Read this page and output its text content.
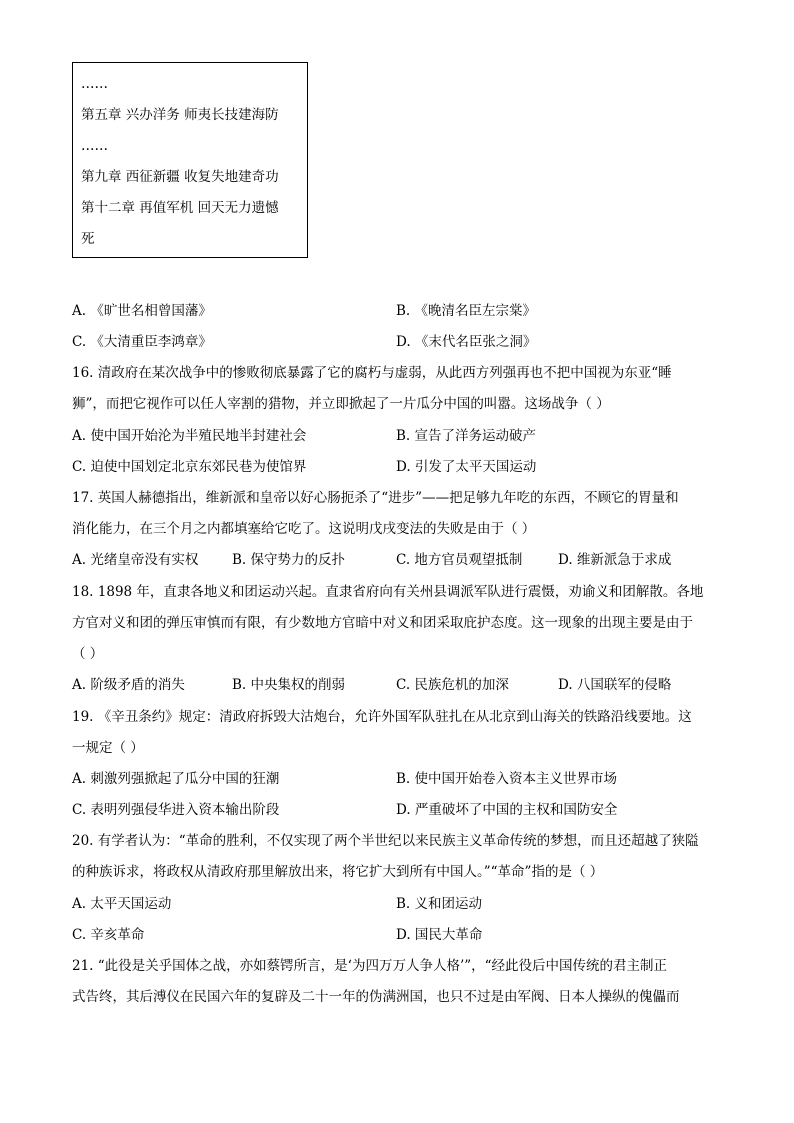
……
第五章 兴办洋务 师夷长技建海防
……
第九章 西征新疆 收复失地建奇功
第十二章 再值军机 回天无力遗憾
死
A. 《旷世名相曾国藩》	B. 《晚清名臣左宗棠》
C. 《大清重臣李鸿章》	D. 《末代名臣张之洞》
16. 清政府在某次战争中的惨败彻底暴露了它的腐朽与虚弱，从此西方列强再也不把中国视为东亚“睡
狮”，而把它视作可以任人宰割的猎物，并立即掀起了一片瓜分中国的叫嚣。这场战争（ ）
A. 使中国开始沦为半殖民地半封建社会	B. 宣告了洋务运动破产
C. 迫使中国划定北京东郊民巷为使馆界	D. 引发了太平天国运动
17. 英国人赫德指出，维新派和皇帝以好心肠扼杀了“进步”——把足够九年吃的东西，不顾它的胃量和
消化能力，在三个月之内都填塞给它吃了。这说明戊戌变法的失败是由于（ ）
A. 光绪皇帝没有实权 B. 保守势力的反扑	C. 地方官员观望抵制	D. 维新派急于求成
18. 1898 年，直隶各地义和团运动兴起。直隶省府向有关州县调派军队进行震慑，劝谕义和团解散。各地
方官对义和团的弹压审慎而有限，有少数地方官暗中对义和团采取庇护态度。这一现象的出现主要是由于
（ ）
A. 阶级矛盾的消失	B. 中央集权的削弱	C. 民族危机的加深	D. 八国联军的侵略
19. 《辛丑条约》规定：清政府拆毁大沽炮台，允许外国军队驻扎在从北京到山海关的铁路沿线要地。这
一规定（ ）
A. 刺激列强掀起了瓜分中国的狂潮	B. 使中国开始卷入资本主义世界市场
C. 表明列强侵华进入资本输出阶段	D. 严重破坏了中国的主权和国防安全
20. 有学者认为：“革命的胜利，不仅实现了两个半世纪以来民族主义革命传统的梦想，而且还超越了狭隘
的种族诉求，将政权从清政府那里解放出来，将它扩大到所有中国人。”“革命”指的是（ ）
A. 太平天国运动	B. 义和团运动
C. 辛亥革命	D. 国民大革命
21. “此役是关乎国体之战，亦如蔡锷所言，是‘为四万万人争人格’”，“经此役后中国传统的君主制正
式告终，其后溥仪在民国六年的复辟及二十一年的伪满洲国，也只不过是由军阀、日本人操纵的傀儡而
